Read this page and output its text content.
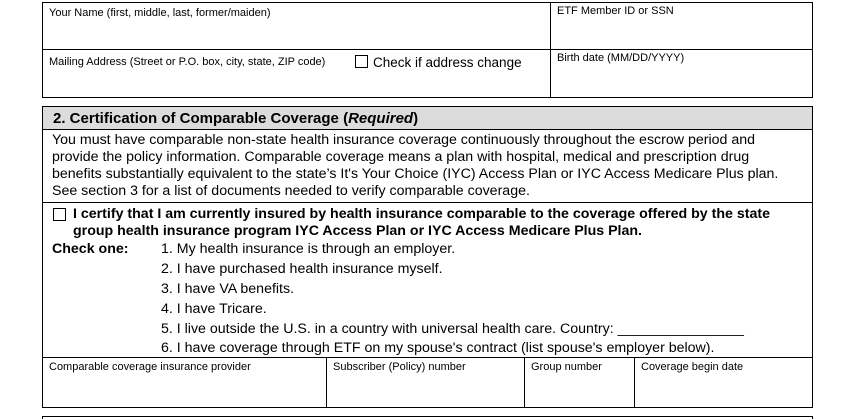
Your Name (first, middle, last, former/maiden)	ETF Member ID or SSN
Mailing Address (Street or P.O. box, city, state, ZIP code)	Check if address change	Birth date (MM/DD/YYYY)
2. Certification of Comparable Coverage (Required)
You must have comparable non-state health insurance coverage continuously throughout the escrow period and
provide the policy information. Comparable coverage means a plan with hospital, medical and prescription drug
benefits substantially equivalent to the state’s It's Your Choice (IYC) Access Plan or IYC Access Medicare Plus plan.
See section 3 for a list of documents needed to verify comparable coverage.
I certify that I am currently insured by health insurance comparable to the coverage offered by the state
group health insurance program IYC Access Plan or IYC Access Medicare Plus Plan.
Check one: 1. My health insurance is through an employer.
2. I have purchased health insurance myself.
3. I have VA benefits.
4. I have Tricare.
5. I live outside the U.S. in a country with universal health care. Country: ________________
6. I have coverage through ETF on my spouse's contract (list spouse's employer below).
Comparable coverage insurance provider	Subscriber (Policy) number	Group number	Coverage begin date
